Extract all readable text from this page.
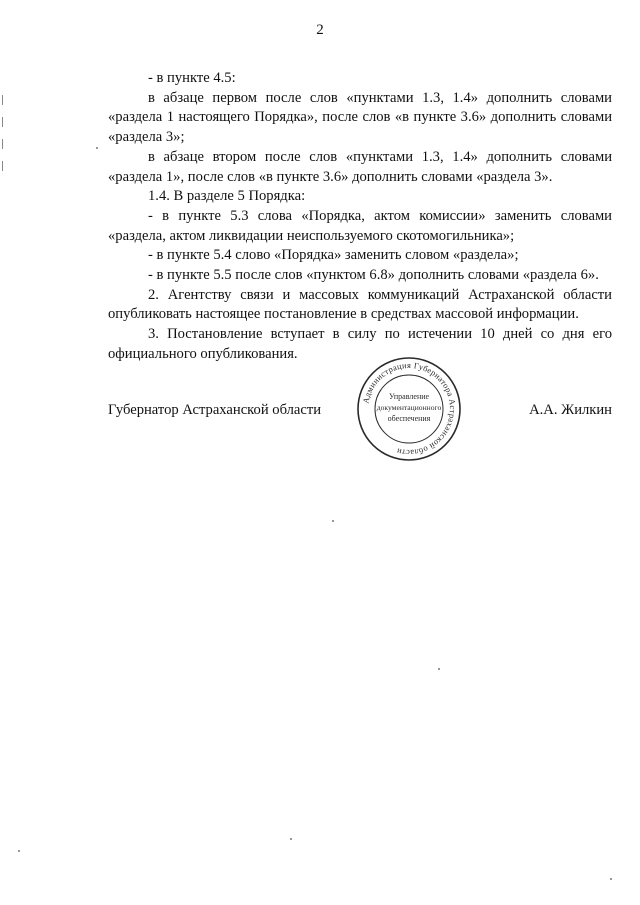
2

- в пункте 4.5:

в абзаце первом после слов «пунктами 1.3, 1.4» дополнить словами «раздела 1 настоящего Порядка», после слов «в пункте 3.6» дополнить словами «раздела 3»;

в абзаце втором после слов «пунктами 1.3, 1.4» дополнить словами «раздела 1», после слов «в пункте 3.6» дополнить словами «раздела 3».

1.4. В разделе 5 Порядка:

- в пункте 5.3 слова «Порядка, актом комиссии» заменить словами «раздела, актом ликвидации неиспользуемого скотомогильника»;

- в пункте 5.4 слово «Порядка» заменить словом «раздела»;

- в пункте 5.5 после слов «пунктом 6.8» дополнить словами «раздела 6».

2. Агентству связи и массовых коммуникаций Астраханской области опубликовать настоящее постановление в средствах массовой информации.

3. Постановление вступает в силу по истечении 10 дней со дня его официального опубликования.

Губернатор Астраханской области	А.А. Жилкин
Администрация Губернатора Астраханской области
Управление
документационного
обеспечения
